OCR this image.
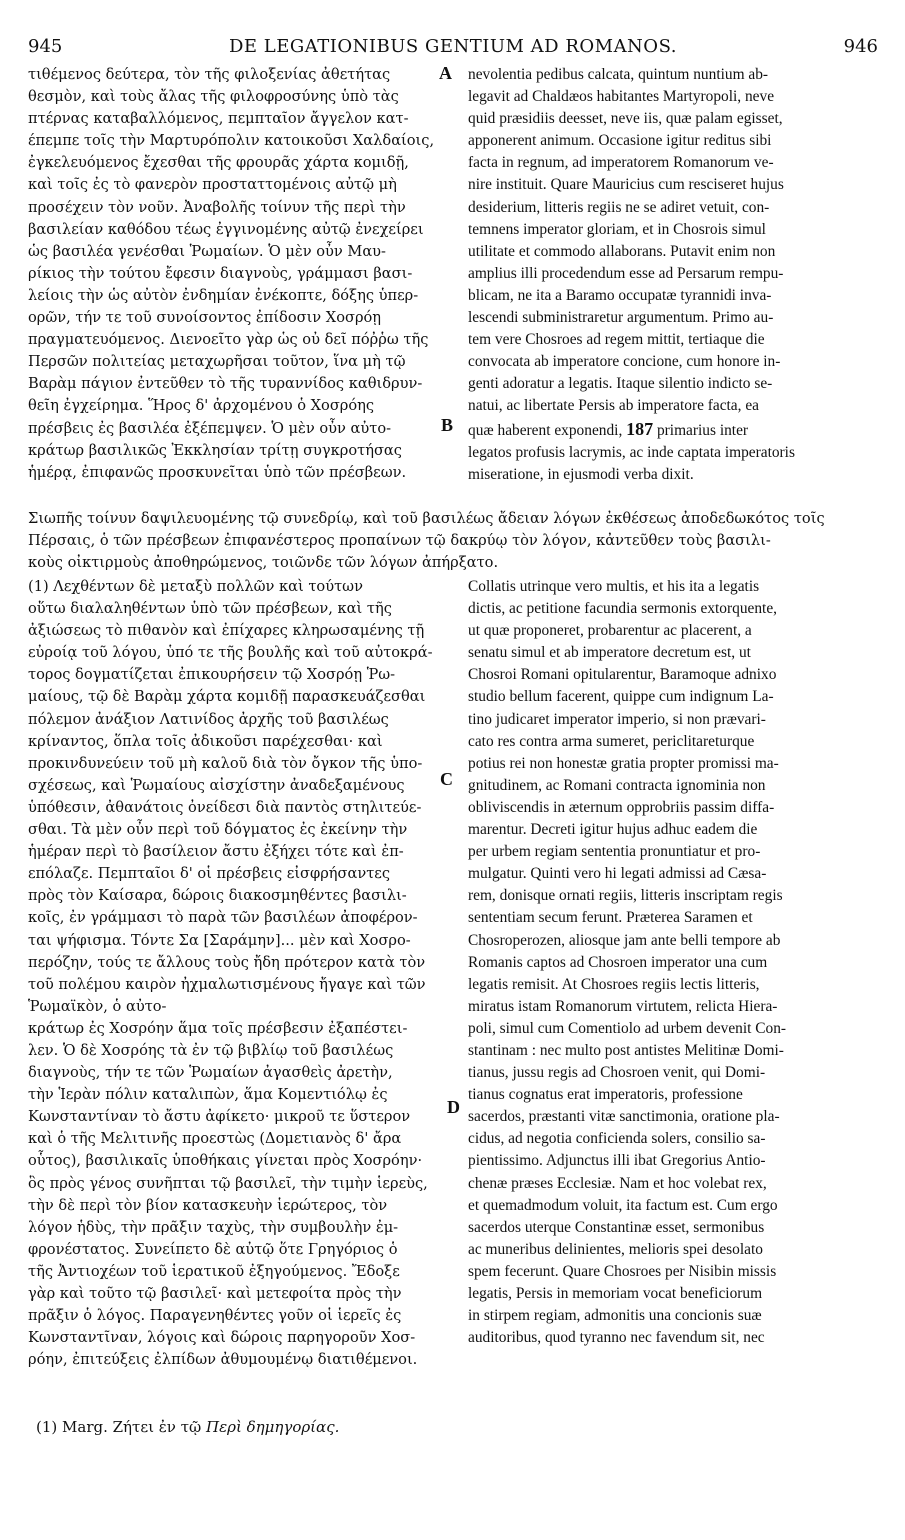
945	DE LEGATIONIBUS GENTIUM AD ROMANOS.	946
A
B
C
D
τιθέμενος δεύτερα, τὸν τῆς φιλοξενίας ἀθετήτας
θεσμὸν, καὶ τοὺς ἄλας τῆς φιλοφροσύνης ὑπὸ τὰς
πτέρνας καταβαλλόμενος, πεμπταῖον ἄγγελον κατ-
έπεμπε τοῖς τὴν Μαρτυρόπολιν κατοικοῦσι Χαλδαίοις,
ἐγκελευόμενος ἔχεσθαι τῆς φρουρᾶς χάρτα κομιδῇ,
καὶ τοῖς ἐς τὸ φανερὸν προσταττομένοις αὐτῷ μὴ
προσέχειν τὸν νοῦν. Ἀναβολῆς τοίνυν τῆς περὶ τὴν
βασιλείαν καθόδου τέως ἐγγινομένης αὐτῷ ἐνεχείρει
ὡς βασιλέα γενέσθαι Ῥωμαίων. Ὁ μὲν οὖν Μαυ-
ρίκιος τὴν τούτου ἔφεσιν διαγνοὺς, γράμμασι βασι-
λείοις τὴν ὡς αὐτὸν ἐνδημίαν ἐνέκοπτε, δόξης ὑπερ-
ορῶν, τήν τε τοῦ συνοίσοντος ἐπίδοσιν Χοσρόῃ
πραγματευόμενος. Διενοεῖτο γὰρ ὡς οὐ δεῖ πόῤῥω τῆς
Περσῶν πολιτείας μεταχωρῆσαι τοῦτον, ἵνα μὴ τῷ
Βαρὰμ πάγιον ἐντεῦθεν τὸ τῆς τυραννίδος καθιδρυν-
θεῖη ἐγχείρημα. Ἥρος δ' ἀρχομένου ὁ Χοσρόης
πρέσβεις ἐς βασιλέα ἐξέπεμψεν. Ὁ μὲν οὖν αὐτο-
κράτωρ βασιλικῶς Ἐκκλησίαν τρίτῃ συγκροτήσας
ἡμέρᾳ, ἐπιφανῶς προσκυνεῖται ὑπὸ τῶν πρέσβεων.
nevolentia pedibus calcata, quintum nuntium ab-
legavit ad Chaldæos habitantes Martyropoli, neve
quid præsidiis deesset, neve iis, quæ palam egisset,
apponerent animum. Occasione igitur reditus sibi
facta in regnum, ad imperatorem Romanorum ve-
nire instituit. Quare Mauricius cum resciseret hujus
desiderium, litteris regiis ne se adiret vetuit, con-
temnens imperator gloriam, et in Chosrois simul
utilitate et commodo allaborans. Putavit enim non
amplius illi procedendum esse ad Persarum rempu-
blicam, ne ita a Baramo occupatæ tyrannidi inva-
lescendi subministraretur argumentum. Primo au-
tem vere Chosroes ad regem mittit, tertiaque die
convocata ab imperatore concione, cum honore in-
genti adoratur a legatis. Itaque silentio indicto se-
natui, ac libertate Persis ab imperatore facta, ea
quæ haberent exponendi, 187 primarius inter
legatos profusis lacrymis, ac inde captata imperatoris
miseratione, in ejusmodi verba dixit.
Σιωπῆς τοίνυν δαψιλευομένης τῷ συνεδρίῳ, καὶ τοῦ βασιλέως ἄδειαν λόγων ἐκθέσεως ἀποδεδωκότος τοῖς
Πέρσαις, ὁ τῶν πρέσβεων ἐπιφανέστερος προπαίνων τῷ δακρύῳ τὸν λόγον, κἀντεῦθεν τοὺς βασιλι-
κοὺς οἰκτιρμοὺς ἀποθηρώμενος, τοιῶνδε τῶν λόγων ἀπήρξατο.
(1) Λεχθέντων δὲ μεταξὺ πολλῶν καὶ τούτων
οὕτω διαλαληθέντων ὑπὸ τῶν πρέσβεων, καὶ τῆς
ἀξιώσεως τὸ πιθανὸν καὶ ἐπίχαρες κληρωσαμένης τῇ
εὐροίᾳ τοῦ λόγου, ὑπό τε τῆς βουλῆς καὶ τοῦ αὐτοκρά-
τορος δογματίζεται ἐπικουρήσειν τῷ Χοσρόῃ Ῥω-
μαίους, τῷ δὲ Βαρὰμ χάρτα κομιδῇ παρασκευάζεσθαι
πόλεμον ἀνάξιον Λατινίδος ἀρχῆς τοῦ βασιλέως
κρίναντος, ὅπλα τοῖς ἀδικοῦσι παρέχεσθαι· καὶ
προκινδυνεύειν τοῦ μὴ καλοῦ διὰ τὸν ὄγκον τῆς ὑπο-
σχέσεως, καὶ Ῥωμαίους αἰσχίστην ἀναδεξαμένους
ὑπόθεσιν, ἀθανάτοις ὀνείδεσι διὰ παντὸς στηλιτεύε-
σθαι. Τὰ μὲν οὖν περὶ τοῦ δόγματος ἐς ἐκείνην τὴν
ἡμέραν περὶ τὸ βασίλειον ἄστυ ἐξήχει τότε καὶ ἐπ-
επόλαζε. Πεμπταῖοι δ' οἱ πρέσβεις εἰσφρήσαντες
πρὸς τὸν Καίσαρα, δώροις διακοσμηθέντες βασιλι-
κοῖς, ἐν γράμμασι τὸ παρὰ τῶν βασιλέων ἀποφέρον-
ται ψήφισμα. Τόντε Σα [Σαράμην]... μὲν καὶ Χοσρο-
περόζην, τούς τε ἄλλους τοὺς ἤδη πρότερον κατὰ τὸν
τοῦ πολέμου καιρὸν ἠχμαλωτισμένους ἤγαγε καὶ τῶν
Ῥωμαϊκὸν, ὁ αὐτο-
κράτωρ ἐς Χοσρόην ἅμα τοῖς πρέσβεσιν ἐξαπέστει-
λεν. Ὁ δὲ Χοσρόης τὰ ἐν τῷ βιβλίῳ τοῦ βασιλέως
διαγνοὺς, τήν τε τῶν Ῥωμαίων ἀγασθεὶς ἀρετὴν,
τὴν Ἱερὰν πόλιν καταλιπὼν, ἅμα Κομεντιόλῳ ἐς
Κωνσταντίναν τὸ ἄστυ ἀφίκετο· μικροῦ τε ὕστερον
καὶ ὁ τῆς Μελιτινῆς προεστὼς (Δομετιανὸς δ' ἄρα
οὗτος), βασιλικαῖς ὑποθήκαις γίνεται πρὸς Χοσρόην·
ὃς πρὸς γένος συνῆπται τῷ βασιλεῖ, τὴν τιμὴν ἱερεὺς,
τὴν δὲ περὶ τὸν βίον κατασκευὴν ἱερώτερος, τὸν
λόγον ἡδὺς, τὴν πρᾶξιν ταχὺς, τὴν συμβουλὴν ἐμ-
φρονέστατος. Συνείπετο δὲ αὐτῷ ὅτε Γρηγόριος ὁ
τῆς Ἀντιοχέων τοῦ ἱερατικοῦ ἐξηγούμενος. Ἔδοξε
γὰρ καὶ τοῦτο τῷ βασιλεῖ· καὶ μετεφοίτα πρὸς τὴν
πρᾶξιν ὁ λόγος. Παραγενηθέντες γοῦν οἱ ἱερεῖς ἐς
Κωνσταντῖναν, λόγοις καὶ δώροις παρηγοροῦν Χοσ-
ρόην, ἐπιτεύξεις ἐλπίδων ἀθυμουμένῳ διατιθέμενοι.
Collatis utrinque vero multis, et his ita a legatis
dictis, ac petitione facundia sermonis extorquente,
ut quæ proponeret, probarentur ac placerent, a
senatu simul et ab imperatore decretum est, ut
Chosroi Romani opitularentur, Baramoque adnixo
studio bellum facerent, quippe cum indignum La-
tino judicaret imperator imperio, si non prævari-
cato res contra arma sumeret, periclitareturque
potius rei non honestæ gratia propter promissi ma-
gnitudinem, ac Romani contracta ignominia non
obliviscendis in æternum opprobriis passim diffa-
marentur. Decreti igitur hujus adhuc eadem die
per urbem regiam sententia pronuntiatur et pro-
mulgatur. Quinti vero hi legati admissi ad Cæsa-
rem, donisque ornati regiis, litteris inscriptam regis
sententiam secum ferunt. Præterea Saramen et
Chosroperozen, aliosque jam ante belli tempore ab
Romanis captos ad Chosroen imperator una cum
legatis remisit. At Chosroes regiis lectis litteris,
miratus istam Romanorum virtutem, relicta Hiera-
poli, simul cum Comentiolo ad urbem devenit Con-
stantinam : nec multo post antistes Melitinæ Domi-
tianus, jussu regis ad Chosroen venit, qui Domi-
tianus cognatus erat imperatoris, professione
sacerdos, præstanti vitæ sanctimonia, oratione pla-
cidus, ad negotia conficienda solers, consilio sa-
pientissimo. Adjunctus illi ibat Gregorius Antio-
chenæ præses Ecclesiæ. Nam et hoc volebat rex,
et quemadmodum voluit, ita factum est. Cum ergo
sacerdos uterque Constantinæ esset, sermonibus
ac muneribus delinientes, melioris spei desolato
spem fecerunt. Quare Chosroes per Nisibin missis
legatis, Persis in memoriam vocat beneficiorum
in stirpem regiam, admonitis una concionis suæ
auditoribus, quod tyranno nec favendum sit, nec
(1) Marg. Ζήτει ἐν τῷ Περὶ δημηγορίας.
